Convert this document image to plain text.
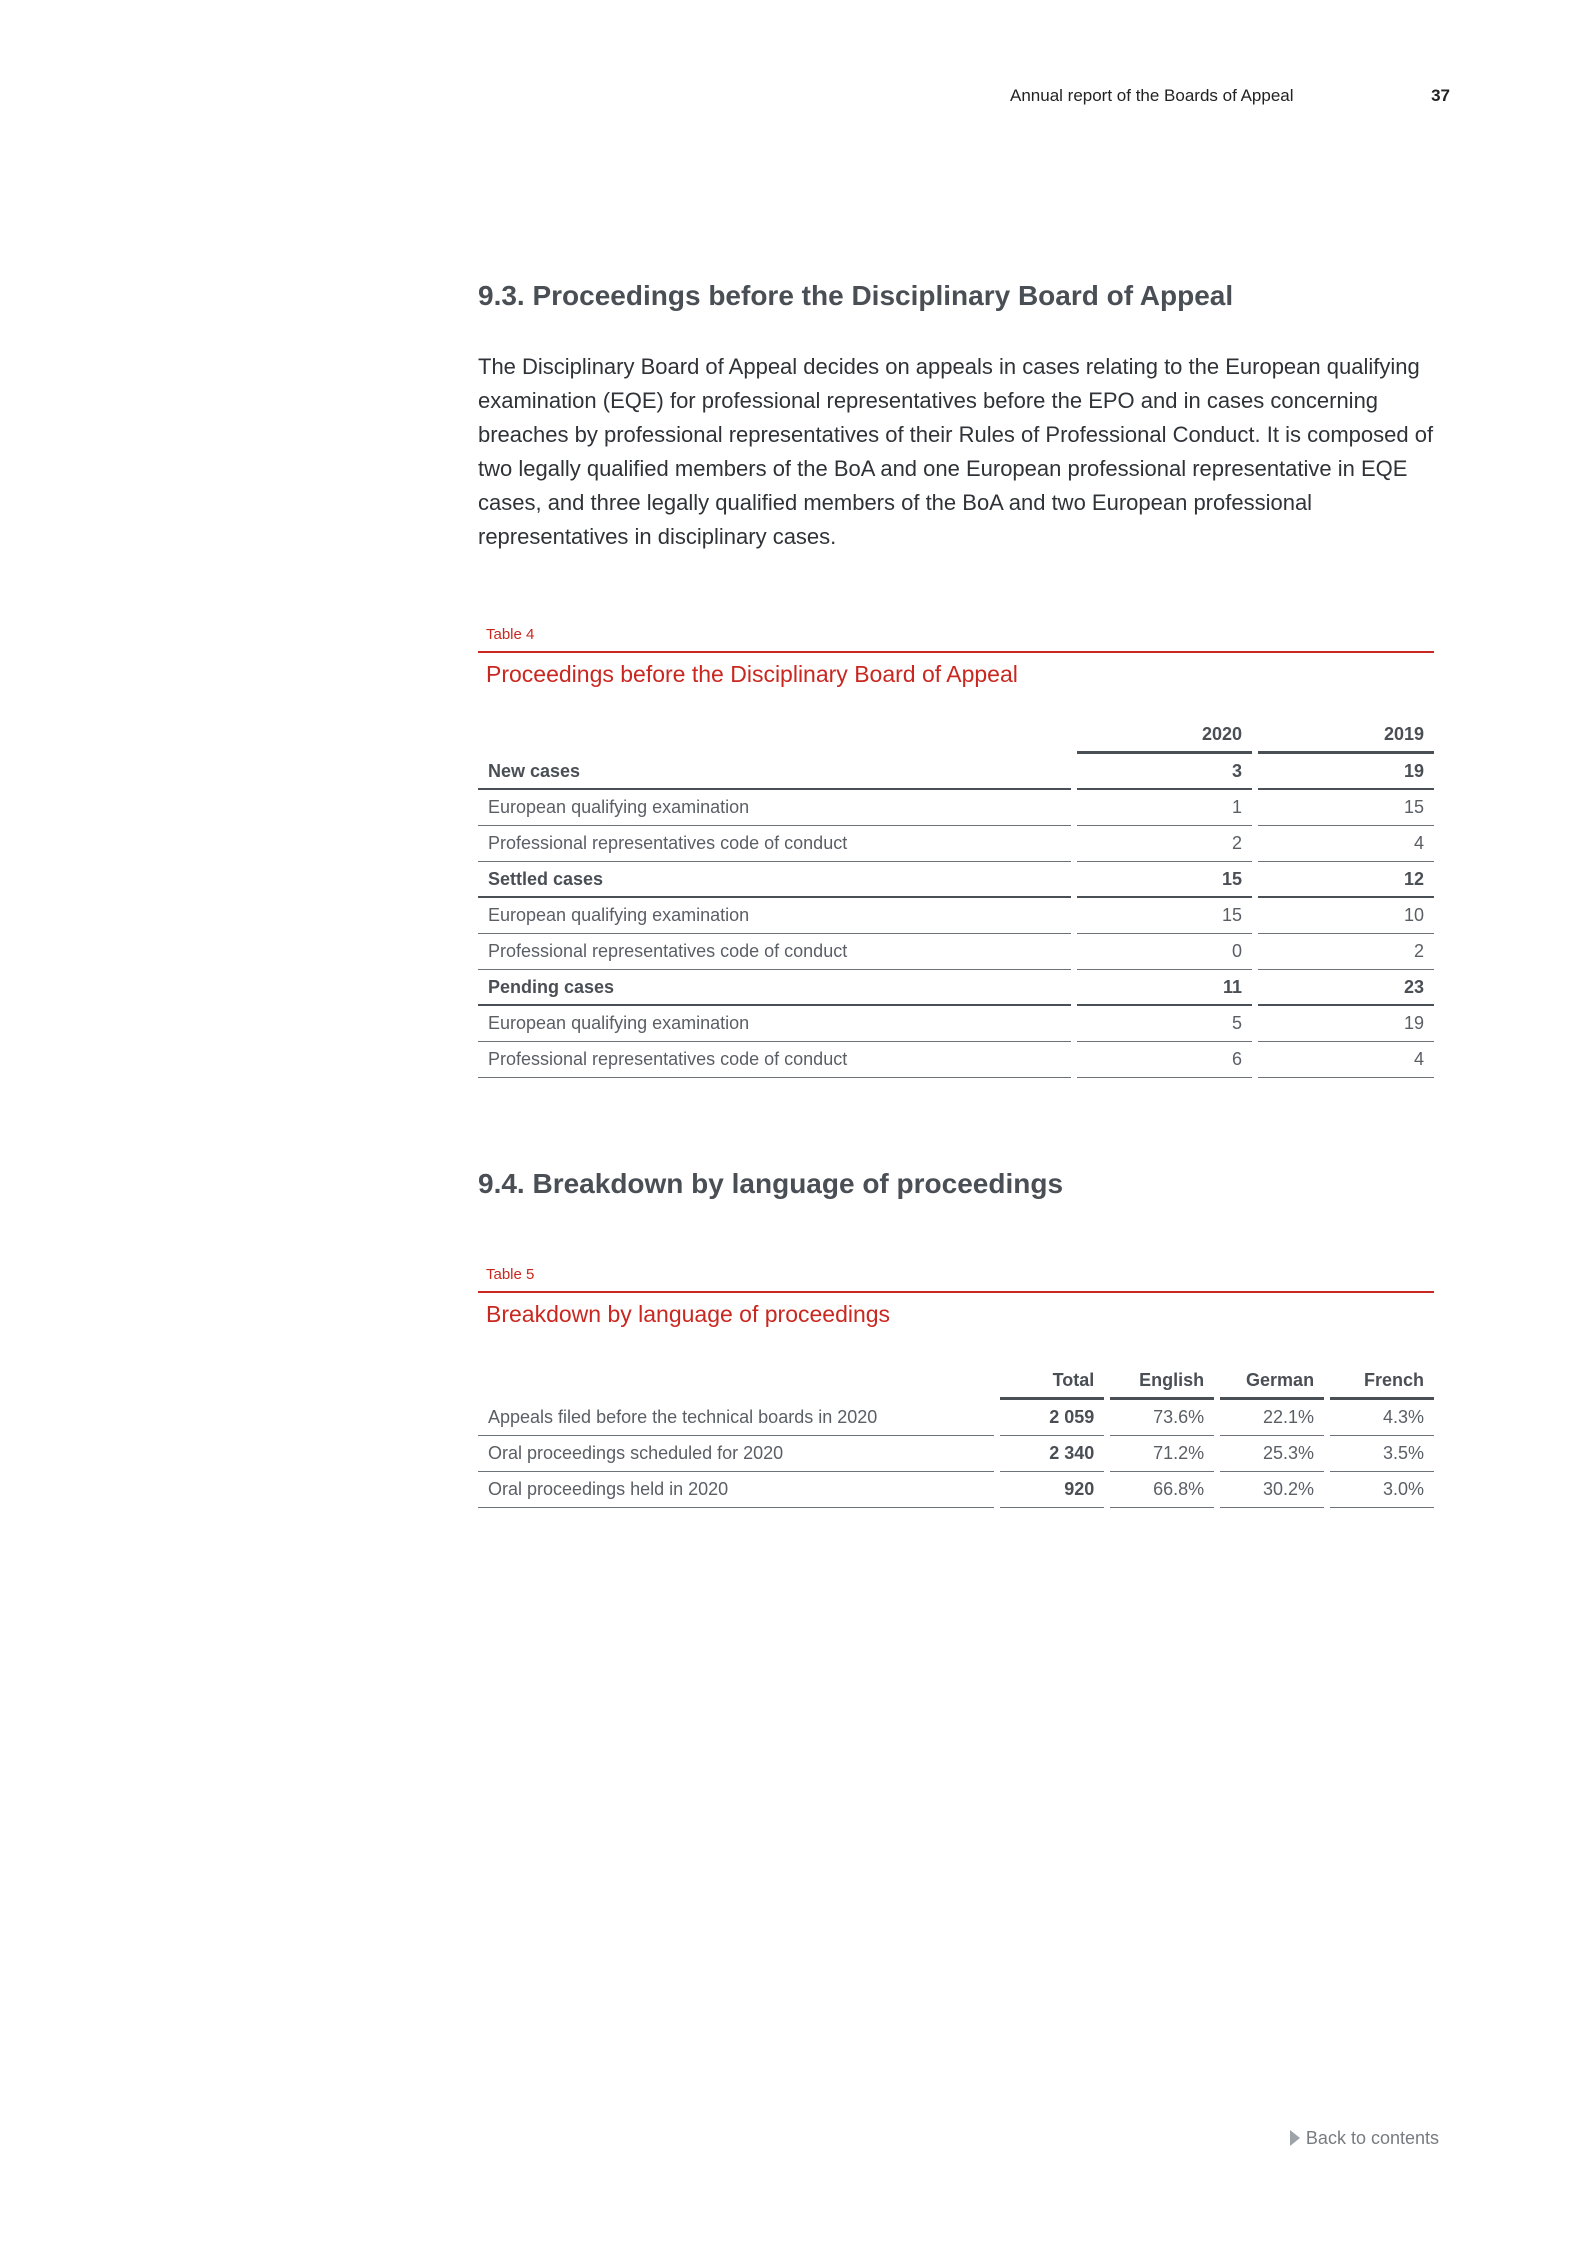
Annual report of the Boards of Appeal	37
9.3. Proceedings before the Disciplinary Board of Appeal

The Disciplinary Board of Appeal decides on appeals in cases relating to the European qualifying examination (EQE) for professional representatives before the EPO and in cases concerning breaches by professional representatives of their Rules of Professional Conduct. It is composed of two legally qualified members of the BoA and one European professional representative in EQE cases, and three legally qualified members of the BoA and two European professional representatives in disciplinary cases.

Table 4
Proceedings before the Disciplinary Board of Appeal
		2020		2019
New cases		3		19
European qualifying examination		1		15
Professional representatives code of conduct		2		4
Settled cases		15		12
European qualifying examination		15		10
Professional representatives code of conduct		0		2
Pending cases		11		23
European qualifying examination		5		19
Professional representatives code of conduct		6		4
9.4. Breakdown by language of proceedings
Table 5
Breakdown by language of proceedings
		Total		English		German		French
Appeals filed before the technical boards in 2020		2 059		73.6%		22.1%		4.3%
Oral proceedings scheduled for 2020		2 340		71.2%		25.3%		3.5%
Oral proceedings held in 2020		920		66.8%		30.2%		3.0%
Back to contents
